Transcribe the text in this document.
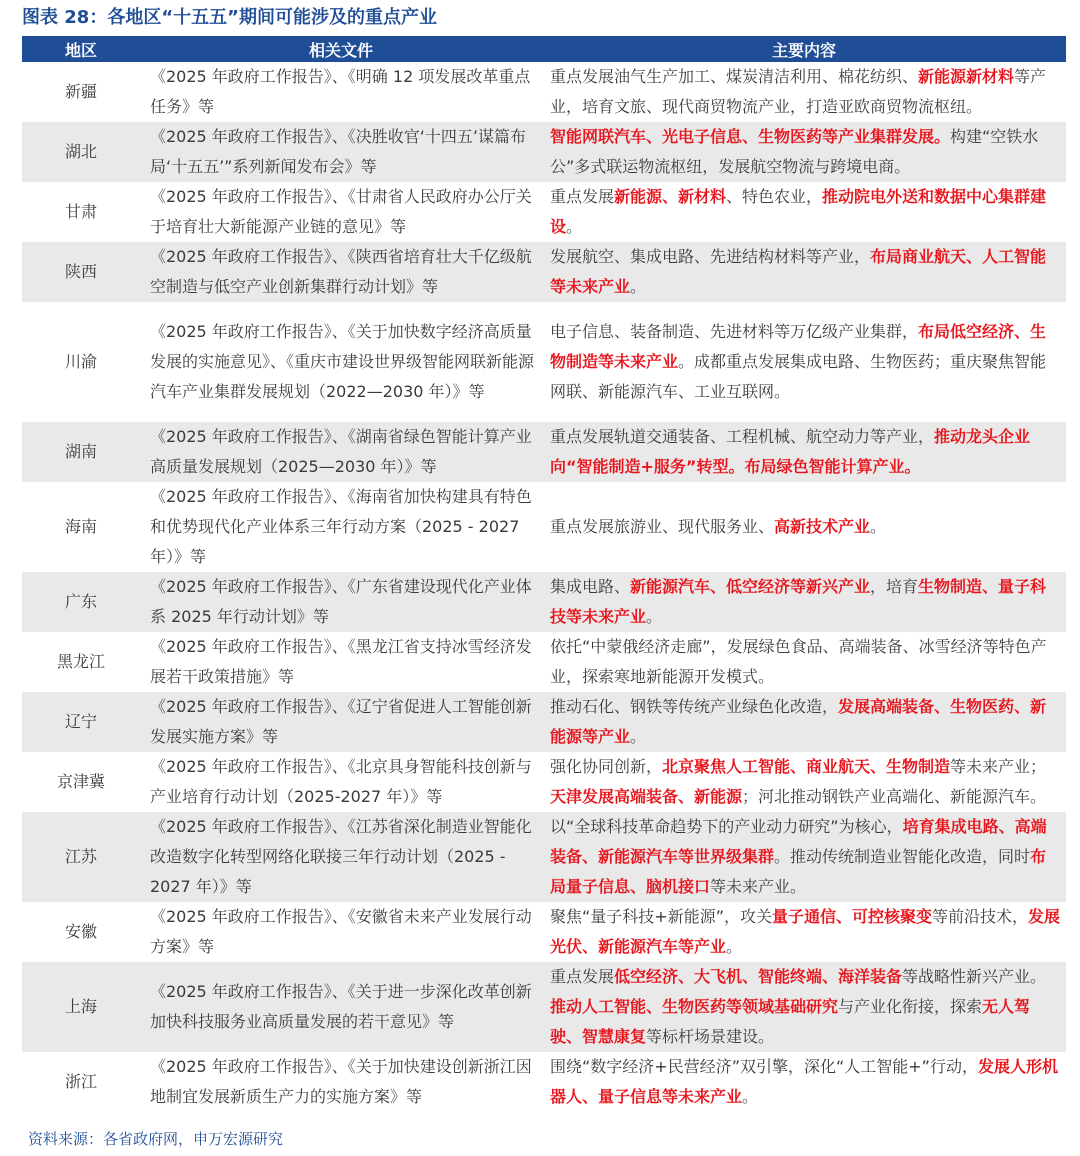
图表 28：各地区“十五五”期间可能涉及的重点产业
地区	相关文件	主要内容
新疆	《2025 年政府工作报告》、《明确 12 项发展改革重点任务》等	重点发展油气生产加工、煤炭清洁利用、棉花纺织、新能源新材料等产业，培育文旅、现代商贸物流产业，打造亚欧商贸物流枢纽。
湖北	《2025 年政府工作报告》、《决胜收官‘十四五’谋篇布局‘十五五’”系列新闻发布会》等	智能网联汽车、光电子信息、生物医药等产业集群发展。构建“空铁水公”多式联运物流枢纽，发展航空物流与跨境电商。
甘肃	《2025 年政府工作报告》、《甘肃省人民政府办公厅关于培育壮大新能源产业链的意见》等	重点发展新能源、新材料、特色农业，推动院电外送和数据中心集群建设。
陕西	《2025 年政府工作报告》、《陕西省培育壮大千亿级航空制造与低空产业创新集群行动计划》等	发展航空、集成电路、先进结构材料等产业，布局商业航天、人工智能等未来产业。
川渝	《2025 年政府工作报告》、《关于加快数字经济高质量发展的实施意见》、《重庆市建设世界级智能网联新能源汽车产业集群发展规划（2022—2030 年）》等	电子信息、装备制造、先进材料等万亿级产业集群，布局低空经济、生物制造等未来产业。成都重点发展集成电路、生物医药；重庆聚焦智能网联、新能源汽车、工业互联网。
湖南	《2025 年政府工作报告》、《湖南省绿色智能计算产业高质量发展规划（2025—2030 年）》等	重点发展轨道交通装备、工程机械、航空动力等产业，推动龙头企业向“智能制造+服务”转型。布局绿色智能计算产业。
海南	《2025 年政府工作报告》、《海南省加快构建具有特色和优势现代化产业体系三年行动方案（2025 - 2027 年）》等	重点发展旅游业、现代服务业、高新技术产业。
广东	《2025 年政府工作报告》、《广东省建设现代化产业体系 2025 年行动计划》等	集成电路、新能源汽车、低空经济等新兴产业，培育生物制造、量子科技等未来产业。
黑龙江	《2025 年政府工作报告》、《黑龙江省支持冰雪经济发展若干政策措施》等	依托“中蒙俄经济走廊”，发展绿色食品、高端装备、冰雪经济等特色产业，探索寒地新能源开发模式。
辽宁	《2025 年政府工作报告》、《辽宁省促进人工智能创新发展实施方案》等	推动石化、钢铁等传统产业绿色化改造，发展高端装备、生物医药、新能源等产业。
京津冀	《2025 年政府工作报告》、《北京具身智能科技创新与产业培育行动计划（2025-2027 年）》等	强化协同创新，北京聚焦人工智能、商业航天、生物制造等未来产业；天津发展高端装备、新能源；河北推动钢铁产业高端化、新能源汽车。
江苏	《2025 年政府工作报告》、《江苏省深化制造业智能化改造数字化转型网络化联接三年行动计划（2025 - 2027 年）》等	以“全球科技革命趋势下的产业动力研究”为核心，培育集成电路、高端装备、新能源汽车等世界级集群。推动传统制造业智能化改造，同时布局量子信息、脑机接口等未来产业。
安徽	《2025 年政府工作报告》、《安徽省未来产业发展行动方案》等	聚焦“量子科技+新能源”，攻关量子通信、可控核聚变等前沿技术，发展光伏、新能源汽车等产业。
上海	《2025 年政府工作报告》、《关于进一步深化改革创新 加快科技服务业高质量发展的若干意见》等	重点发展低空经济、大飞机、智能终端、海洋装备等战略性新兴产业。推动人工智能、生物医药等领域基础研究与产业化衔接，探索无人驾驶、智慧康复等标杆场景建设。
浙江	《2025 年政府工作报告》、《关于加快建设创新浙江因地制宜发展新质生产力的实施方案》等	围绕“数字经济+民营经济”双引擎，深化“人工智能+”行动，发展人形机器人、量子信息等未来产业。
资料来源：各省政府网，申万宏源研究
